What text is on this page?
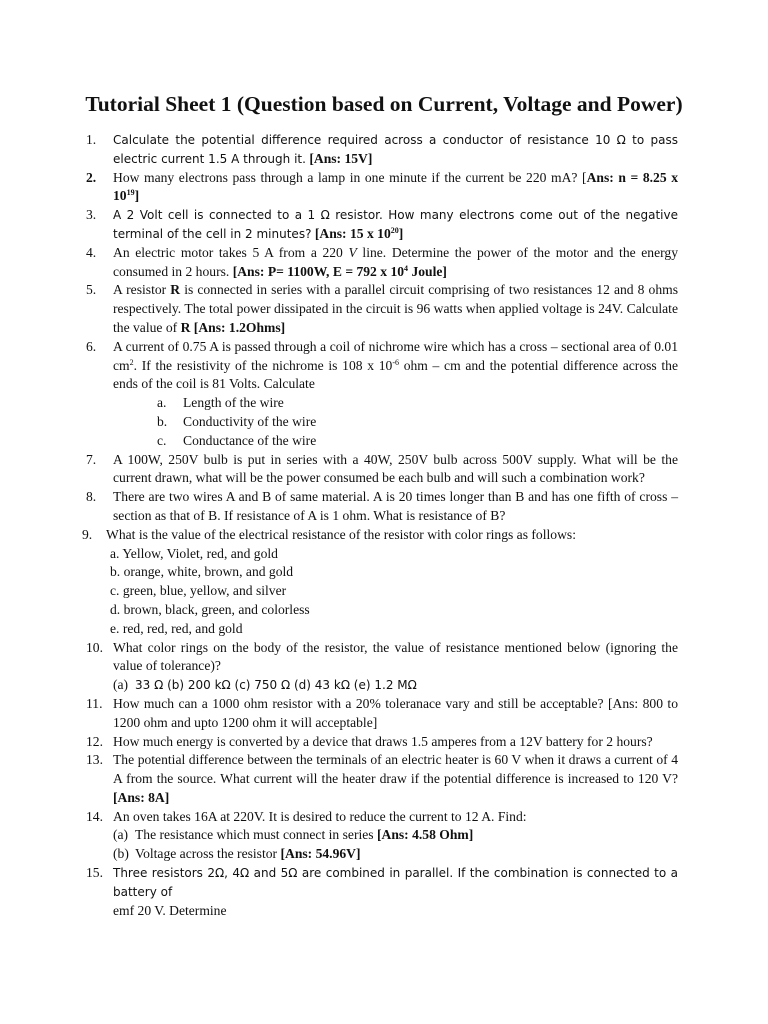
Tutorial Sheet 1 (Question based on Current, Voltage and Power)
1. Calculate the potential difference required across a conductor of resistance 10 Ω to pass electric current 1.5 A through it. [Ans: 15V]
2. How many electrons pass through a lamp in one minute if the current be 220 mA? [Ans: n = 8.25 x $10^{19}$]
3. A 2 Volt cell is connected to a 1 Ω resistor. How many electrons come out of the negative terminal of the cell in 2 minutes? [Ans: 15 x $10^{20}$]
4. An electric motor takes 5 A from a 220 V line. Determine the power of the motor and the energy consumed in 2 hours. [Ans: P= 1100W, E = 792 x $10^4$ Joule]
5. A resistor R is connected in series with a parallel circuit comprising of two resistances 12 and 8 ohms respectively. The total power dissipated in the circuit is 96 watts when applied voltage is 24V. Calculate the value of R [Ans: 1.2Ohms]
6. A current of 0.75 A is passed through a coil of nichrome wire which has a cross – sectional area of 0.01 $cm^2$. If the resistivity of the nichrome is 108 x $10^{-6}$ ohm – cm and the potential difference across the ends of the coil is 81 Volts. Calculate
a. Length of the wire
b. Conductivity of the wire
c. Conductance of the wire
7. A 100W, 250V bulb is put in series with a 40W, 250V bulb across 500V supply. What will be the current drawn, what will be the power consumed be each bulb and will such a combination work?
8. There are two wires A and B of same material. A is 20 times longer than B and has one fifth of cross – section as that of B. If resistance of A is 1 ohm. What is resistance of B?
9. What is the value of the electrical resistance of the resistor with color rings as follows:
a. Yellow, Violet, red, and gold
b. orange, white, brown, and gold
c. green, blue, yellow, and silver
d. brown, black, green, and colorless
e. red, red, red, and gold
10. What color rings on the body of the resistor, the value of resistance mentioned below (ignoring the value of tolerance)?
(a) 33 Ω (b) 200 kΩ (c) 750 Ω (d) 43 kΩ (e) 1.2 MΩ
11. How much can a 1000 ohm resistor with a 20% toleranace vary and still be acceptable? [Ans: 800 to 1200 ohm and upto 1200 ohm it will acceptable]
12. How much energy is converted by a device that draws 1.5 amperes from a 12V battery for 2 hours?
13. The potential difference between the terminals of an electric heater is 60 V when it draws a current of 4 A from the source. What current will the heater draw if the potential difference is increased to 120 V? [Ans: 8A]
14. An oven takes 16A at 220V. It is desired to reduce the current to 12 A. Find:
(a) The resistance which must connect in series [Ans: 4.58 Ohm]
(b) Voltage across the resistor [Ans: 54.96V]
15. Three resistors 2Ω, 4Ω and 5Ω are combined in parallel. If the combination is connected to a battery of
emf 20 V. Determine
